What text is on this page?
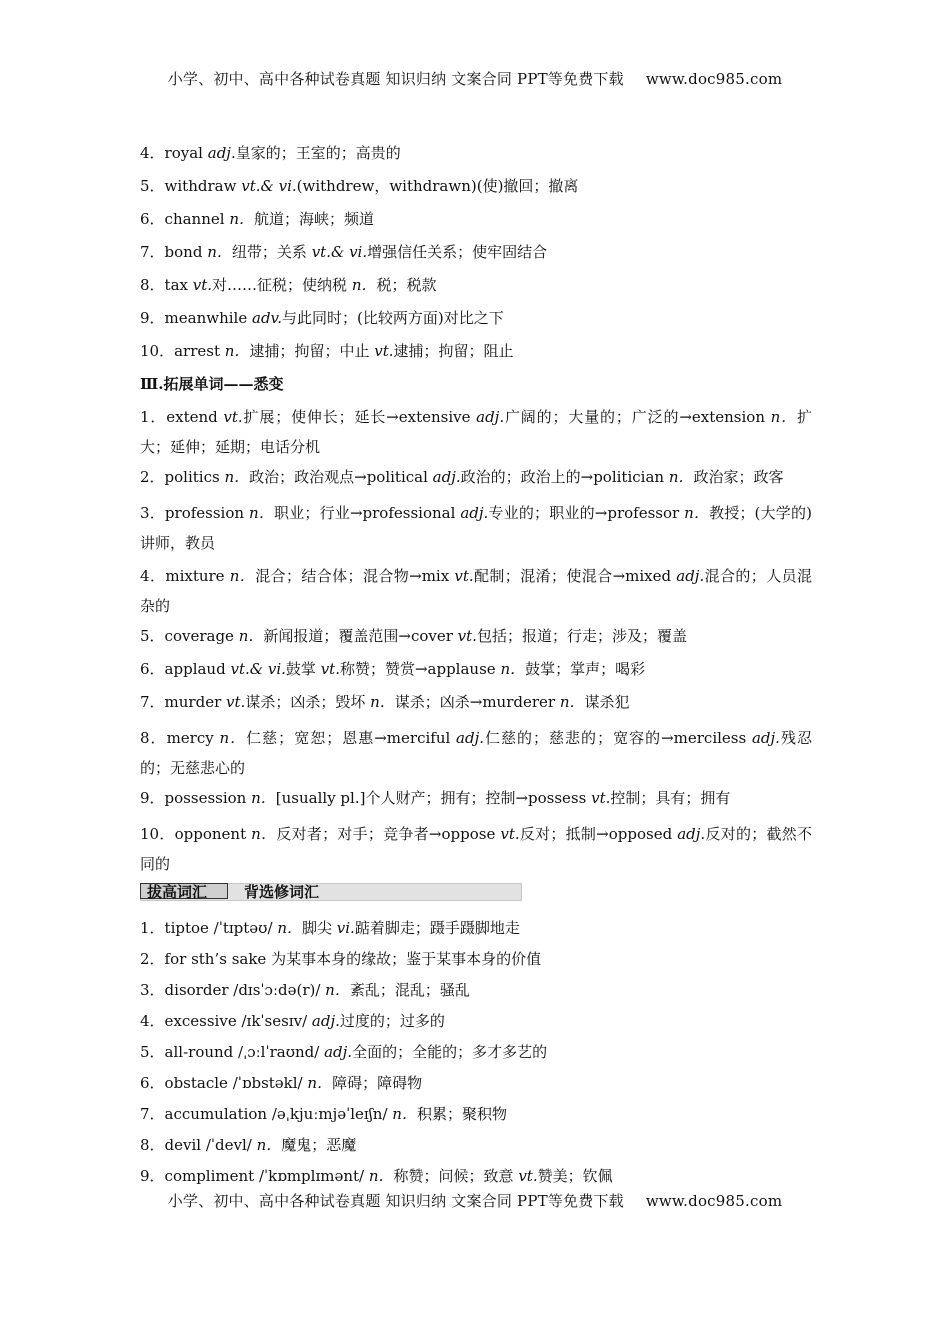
小学、初中、高中各种试卷真题 知识归纳 文案合同 PPT等免费下载 www.doc985.com
4．royal adj.皇家的；王室的；高贵的
5．withdraw vt.& vi.(withdrew，withdrawn)(使)撤回；撤离
6．channel n．航道；海峡；频道
7．bond n．纽带；关系 vt.& vi.增强信任关系；使牢固结合
8．tax vt.对……征税；使纳税 n．税；税款
9．meanwhile adv.与此同时；(比较两方面)对比之下
10．arrest n．逮捕；拘留；中止 vt.逮捕；拘留；阻止
Ⅲ.拓展单词——悉变
1．extend vt.扩展；使伸长；延长→extensive adj.广阔的；大量的；广泛的→extension n．扩大；延伸；延期；电话分机
2．politics n．政治；政治观点→political adj.政治的；政治上的→politician n．政治家；政客
3．profession n．职业；行业→professional adj.专业的；职业的→professor n．教授；(大学的)讲师，教员
4．mixture n．混合；结合体；混合物→mix vt.配制；混淆；使混合→mixed adj.混合的；人员混杂的
5．coverage n．新闻报道；覆盖范围→cover vt.包括；报道；行走；涉及；覆盖
6．applaud vt.& vi.鼓掌 vt.称赞；赞赏→applause n．鼓掌；掌声；喝彩
7．murder vt.谋杀；凶杀；毁坏 n．谋杀；凶杀→murderer n．谋杀犯
8．mercy n．仁慈；宽恕；恩惠→merciful adj.仁慈的；慈悲的；宽容的→merciless adj.残忍的；无慈悲心的
9．possession n．[usually pl.]个人财产；拥有；控制→possess vt.控制；具有；拥有
10．opponent n．反对者；对手；竞争者→oppose vt.反对；抵制→opposed adj.反对的；截然不同的
拔高词汇 背选修词汇
1．tiptoe /ˈtɪptəʊ/ n．脚尖 vi.踮着脚走；蹑手蹑脚地走
2．for sth’s sake 为某事本身的缘故；鉴于某事本身的价值
3．disorder /dɪsˈɔːdə(r)/ n．紊乱；混乱；骚乱
4．excessive /ɪkˈsesɪv/ adj.过度的；过多的
5．all-round /ˌɔːlˈraʊnd/ adj.全面的；全能的；多才多艺的
6．obstacle /ˈɒbstəkl/ n．障碍；障碍物
7．accumulation /əˌkjuːmjəˈleɪʃn/ n．积累；聚积物
8．devil /ˈdevl/ n．魔鬼；恶魔
9．compliment /ˈkɒmplɪmənt/ n．称赞；问候；致意 vt.赞美；钦佩
小学、初中、高中各种试卷真题 知识归纳 文案合同 PPT等免费下载 www.doc985.com
